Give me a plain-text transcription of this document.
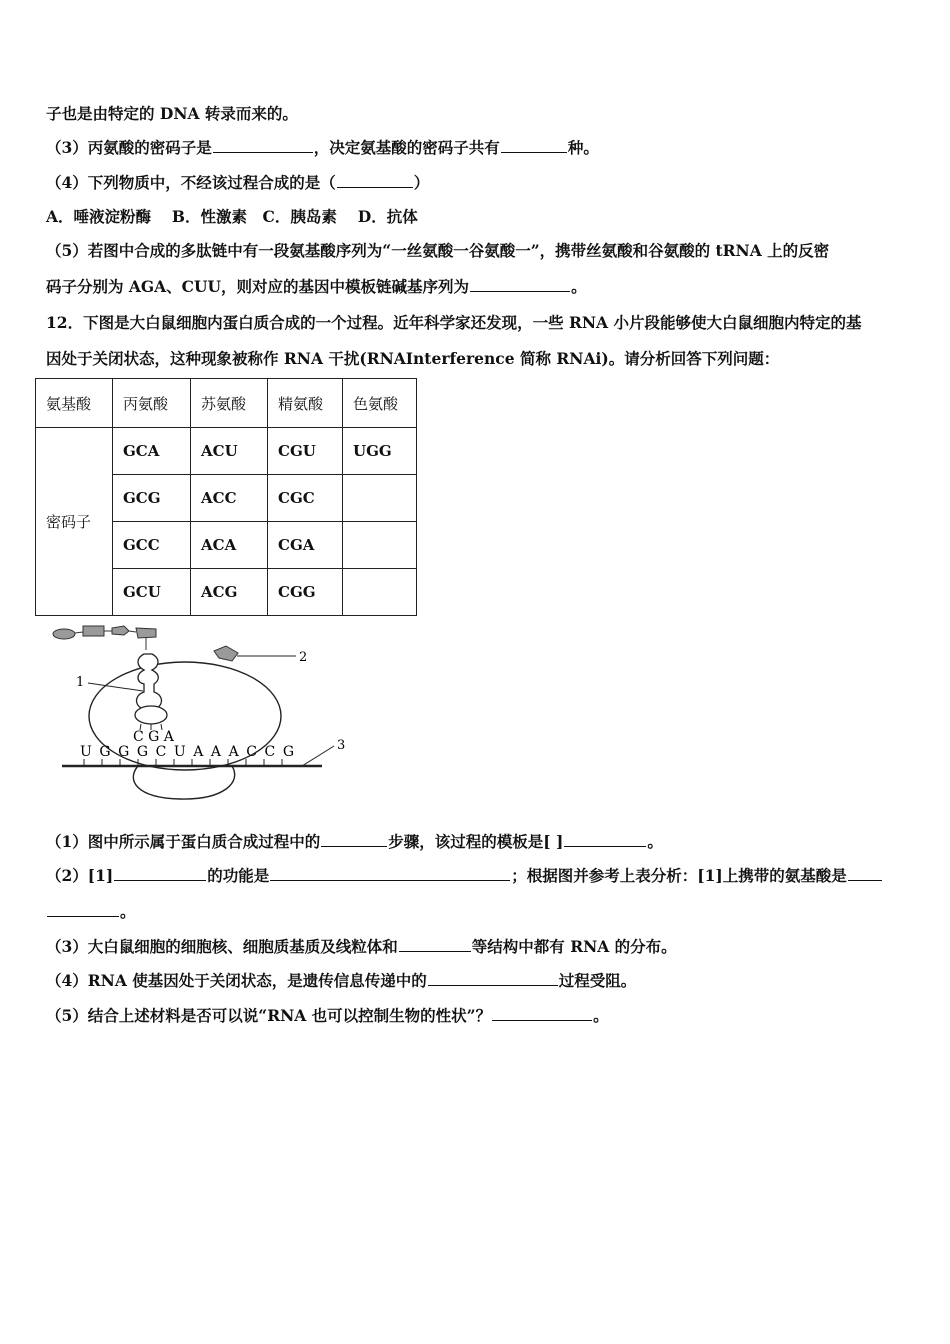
子也是由特定的 DNA 转录而来的。
（3）丙氨酸的密码子是	，决定氨基酸的密码子共有	种。
（4）下列物质中，不经该过程合成的是（	）
A．唾液淀粉酶　 B．性激素　C．胰岛素　 D．抗体
（5）若图中合成的多肽链中有一段氨基酸序列为“一丝氨酸一谷氨酸一”，携带丝氨酸和谷氨酸的 tRNA 上的反密
码子分别为 AGA、CUU，则对应的基因中模板链碱基序列为	。
12．下图是大白鼠细胞内蛋白质合成的一个过程。近年科学家还发现，一些 RNA 小片段能够使大白鼠细胞内特定的基
因处于关闭状态，这种现象被称作 RNA 干扰(RNAInterference 简称 RNAi)。请分析回答下列问题：
氨基酸	丙氨酸	苏氨酸	精氨酸	色氨酸
密码子	GCA	ACU	CGU	UGG
	GCG	ACC	CGC	
	GCC	ACA	CGA	
	GCU	ACG	CGG	
2
1
C G A
U G G G C U A A A C C G	3
（1）图中所示属于蛋白质合成过程中的	步骤，该过程的模板是[ ]	。
（2）[1]	的功能是	；根据图并参考上表分析：[1]上携带的氨基酸是
。
（3）大白鼠细胞的细胞核、细胞质基质及线粒体和	等结构中都有 RNA 的分布。
（4）RNA 使基因处于关闭状态，是遗传信息传递中的	过程受阻。
（5）结合上述材料是否可以说“RNA 也可以控制生物的性状”？	。
